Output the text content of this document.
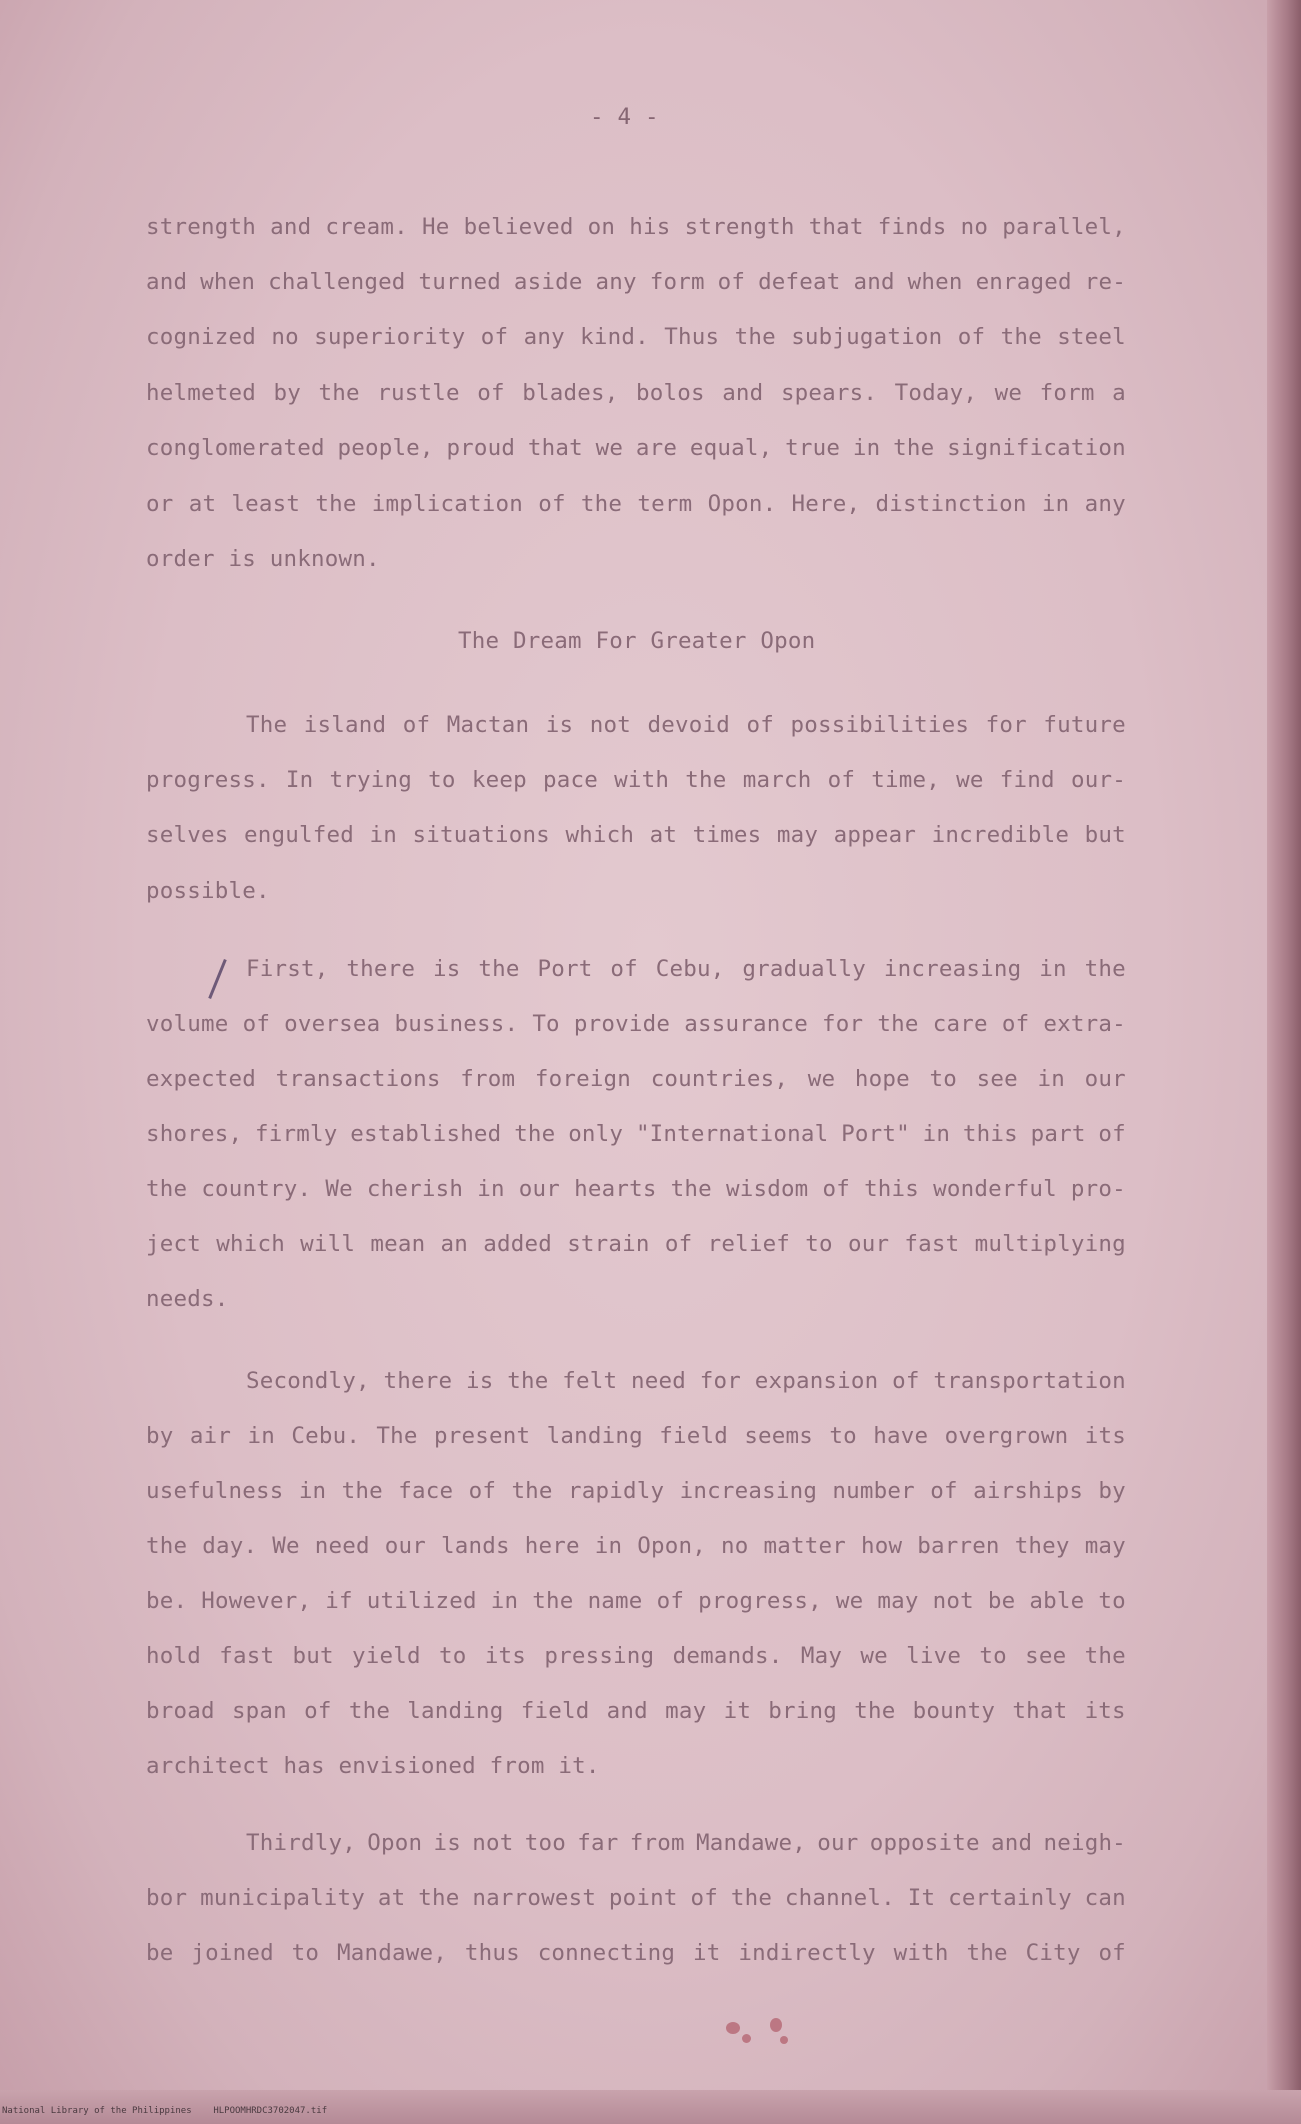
- 4 -

strength and cream. He believed on his strength that finds no parallel,

and when challenged turned aside any form of defeat and when enraged re-

cognized no superiority of any kind. Thus the subjugation of the steel

helmeted by the rustle of blades, bolos and spears. Today, we form a

conglomerated people, proud that we are equal, true in the signification

or at least the implication of the term Opon. Here, distinction in any

order is unknown.

The Dream For Greater Opon

The island of Mactan is not devoid of possibilities for future

progress. In trying to keep pace with the march of time, we find our-

selves engulfed in situations which at times may appear incredible but

possible.

First, there is the Port of Cebu, gradually increasing in the

volume of oversea business. To provide assurance for the care of extra-

expected transactions from foreign countries, we hope to see in our

shores, firmly established the only "International Port" in this part of

the country. We cherish in our hearts the wisdom of this wonderful pro-

ject which will mean an added strain of relief to our fast multiplying

needs.

Secondly, there is the felt need for expansion of transportation

by air in Cebu. The present landing field seems to have overgrown its

usefulness in the face of the rapidly increasing number of airships by

the day. We need our lands here in Opon, no matter how barren they may

be. However, if utilized in the name of progress, we may not be able to

hold fast but yield to its pressing demands. May we live to see the

broad span of the landing field and may it bring the bounty that its

architect has envisioned from it.

Thirdly, Opon is not too far from Mandawe, our opposite and neigh-

bor municipality at the narrowest point of the channel. It certainly can

be joined to Mandawe, thus connecting it indirectly with the City of

National Library of the Philippines    HLPOOMHRDC3702047.tif
